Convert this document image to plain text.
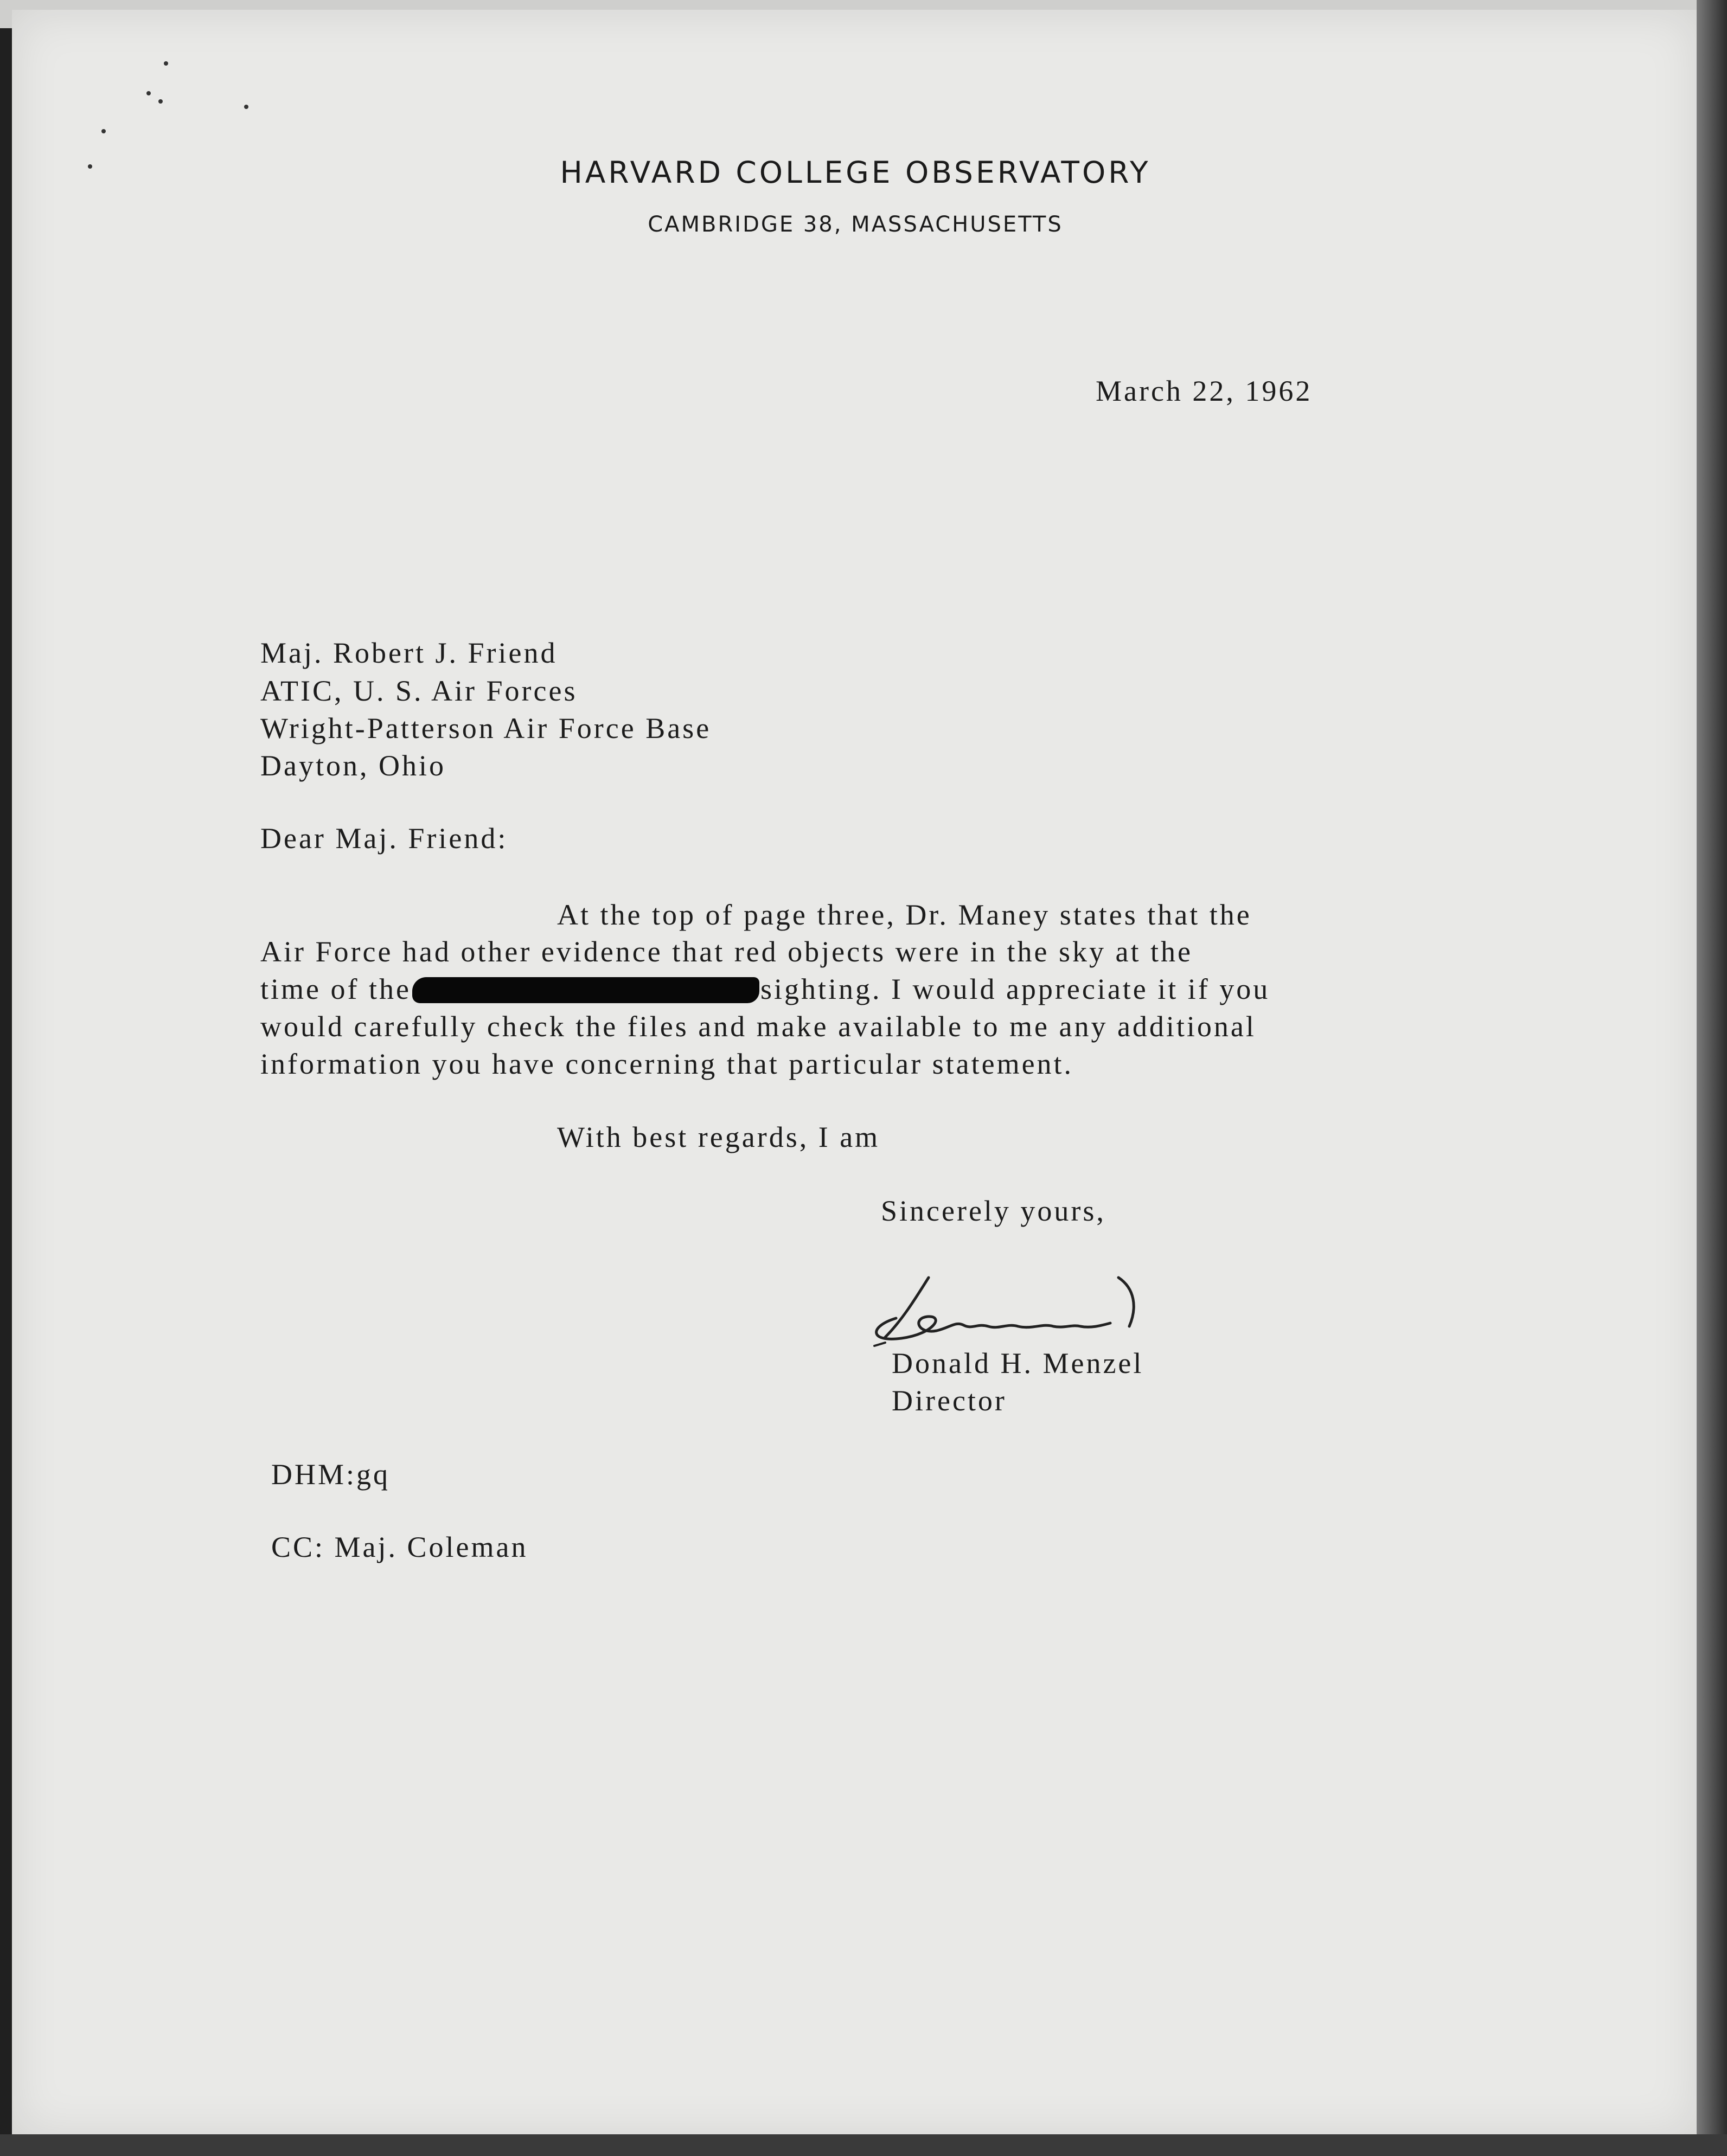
HARVARD COLLEGE OBSERVATORY
CAMBRIDGE 38, MASSACHUSETTS
March 22, 1962
Maj. Robert J. Friend
ATIC, U. S. Air Forces
Wright-Patterson Air Force Base
Dayton, Ohio
Dear Maj. Friend:
At the top of page three, Dr. Maney states that the
Air Force had other evidence that red objects were in the sky at the
time of the	sighting. I would appreciate it if you
would carefully check the files and make available to me any additional
information you have concerning that particular statement.
With best regards, I am
Sincerely yours,
Donald H. Menzel
Director
DHM:gq
CC: Maj. Coleman
